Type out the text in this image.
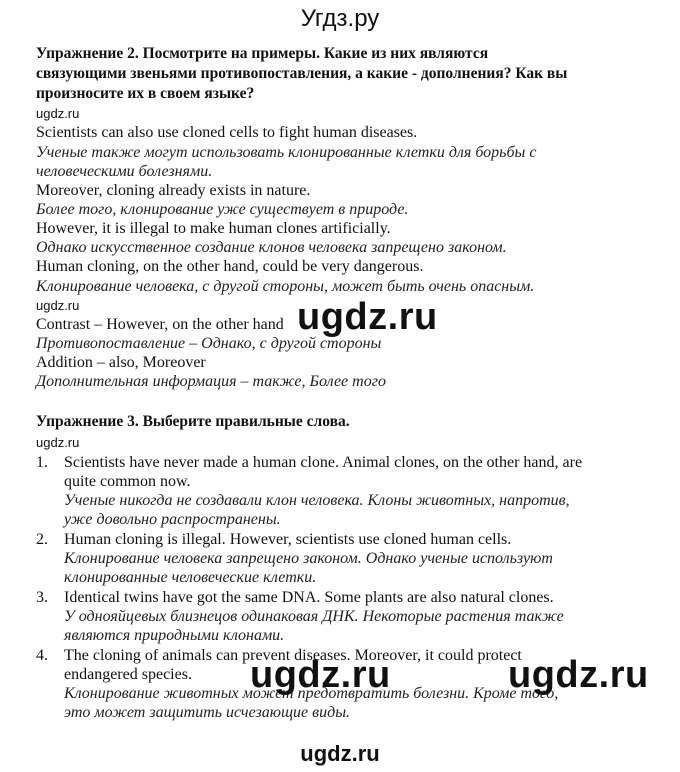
Угдз.ру
Упражнение 2. Посмотрите на примеры. Какие из них являются
связующими звеньями противопоставления, а какие - дополнения? Как вы
произносите их в своем языке?
ugdz.ru
Scientists can also use cloned cells to fight human diseases.
Ученые также могут использовать клонированные клетки для борьбы с
человеческими болезнями.
Moreover, cloning already exists in nature.
Более того, клонирование уже существует в природе.
However, it is illegal to make human clones artificially.
Однако искусственное создание клонов человека запрещено законом.
Human cloning, on the other hand, could be very dangerous.
Клонирование человека, с другой стороны, может быть очень опасным.
ugdz.ru
Contrast – However, on the other hand
Противопоставление – Однако, с другой стороны
Addition – also, Moreover
Дополнительная информация – также, Более того
ugdz.ru
Упражнение 3. Выберите правильные слова.
ugdz.ru
1. Scientists have never made a human clone. Animal clones, on the other hand, are
quite common now.
Ученые никогда не создавали клон человека. Клоны животных, напротив,
уже довольно распространены.
2. Human cloning is illegal. However, scientists use cloned human cells.
Клонирование человека запрещено законом. Однако ученые используют
клонированные человеческие клетки.
3. Identical twins have got the same DNA. Some plants are also natural clones.
У однояйцевых близнецов одинаковая ДНК. Некоторые растения также
являются природными клонами.
4. The cloning of animals can prevent diseases. Moreover, it could protect
endangered species.
Клонирование животных может предотвратить болезни. Кроме того,
это может защитить исчезающие виды.
ugdz.ru	ugdz.ru
ugdz.ru
